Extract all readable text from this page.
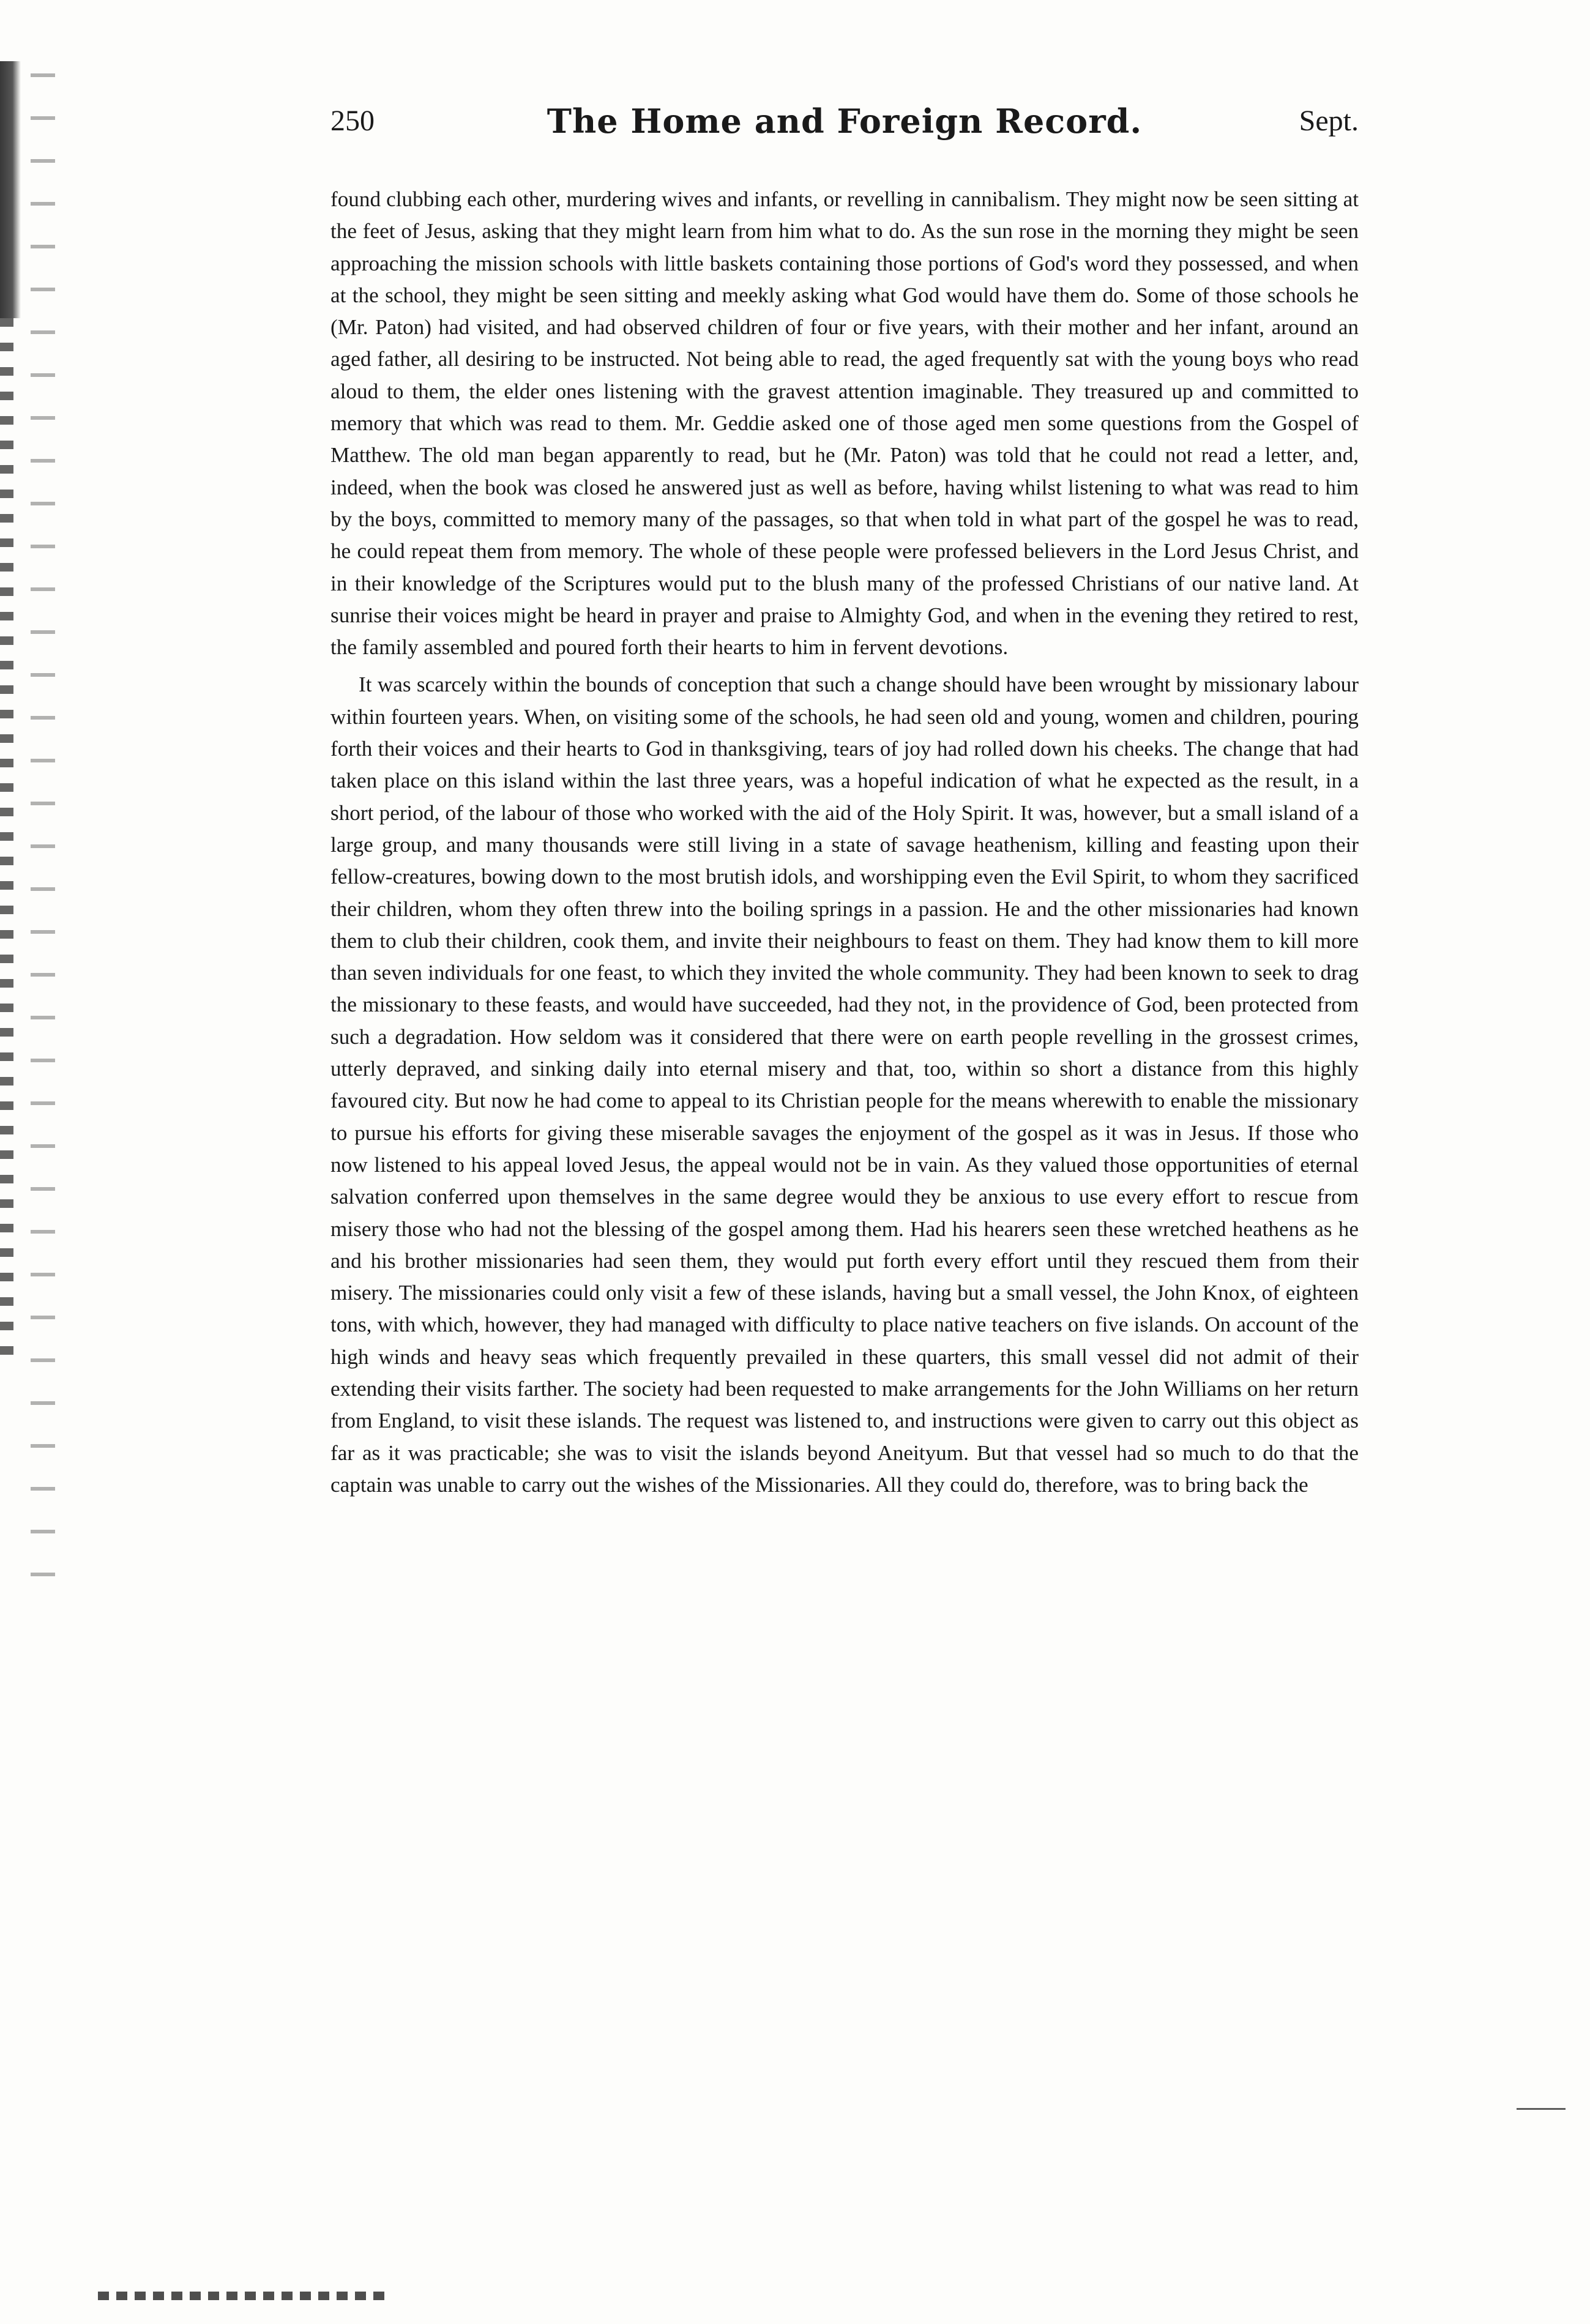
250	The Home and Foreign Record.	Sept.

found clubbing each other, murdering wives and infants, or revelling in cannibalism. They might now be seen sitting at the feet of Jesus, asking that they might learn from him what to do. As the sun rose in the morning they might be seen approaching the mission schools with little baskets containing those portions of God's word they possessed, and when at the school, they might be seen sitting and meekly asking what God would have them do. Some of those schools he (Mr. Paton) had visited, and had observed children of four or five years, with their mother and her infant, around an aged father, all desiring to be instructed. Not being able to read, the aged frequently sat with the young boys who read aloud to them, the elder ones listening with the gravest attention imaginable. They treasured up and committed to memory that which was read to them. Mr. Geddie asked one of those aged men some questions from the Gospel of Matthew. The old man began apparently to read, but he (Mr. Paton) was told that he could not read a letter, and, indeed, when the book was closed he answered just as well as before, having whilst listening to what was read to him by the boys, committed to memory many of the passages, so that when told in what part of the gospel he was to read, he could repeat them from memory. The whole of these people were professed believers in the Lord Jesus Christ, and in their knowledge of the Scriptures would put to the blush many of the professed Christians of our native land. At sunrise their voices might be heard in prayer and praise to Almighty God, and when in the evening they retired to rest, the family assembled and poured forth their hearts to him in fervent devotions.

It was scarcely within the bounds of conception that such a change should have been wrought by missionary labour within fourteen years. When, on visiting some of the schools, he had seen old and young, women and children, pouring forth their voices and their hearts to God in thanksgiving, tears of joy had rolled down his cheeks. The change that had taken place on this island within the last three years, was a hopeful indication of what he expected as the result, in a short period, of the labour of those who worked with the aid of the Holy Spirit. It was, however, but a small island of a large group, and many thousands were still living in a state of savage heathenism, killing and feasting upon their fellow-creatures, bowing down to the most brutish idols, and worshipping even the Evil Spirit, to whom they sacrificed their children, whom they often threw into the boiling springs in a passion. He and the other missionaries had known them to club their children, cook them, and invite their neighbours to feast on them. They had know them to kill more than seven individuals for one feast, to which they invited the whole community. They had been known to seek to drag the missionary to these feasts, and would have succeeded, had they not, in the providence of God, been protected from such a degradation. How seldom was it considered that there were on earth people revelling in the grossest crimes, utterly depraved, and sinking daily into eternal misery and that, too, within so short a distance from this highly favoured city. But now he had come to appeal to its Christian people for the means wherewith to enable the missionary to pursue his efforts for giving these miserable savages the enjoyment of the gospel as it was in Jesus. If those who now listened to his appeal loved Jesus, the appeal would not be in vain. As they valued those opportunities of eternal salvation conferred upon themselves in the same degree would they be anxious to use every effort to rescue from misery those who had not the blessing of the gospel among them. Had his hearers seen these wretched heathens as he and his brother missionaries had seen them, they would put forth every effort until they rescued them from their misery. The missionaries could only visit a few of these islands, having but a small vessel, the John Knox, of eighteen tons, with which, however, they had managed with difficulty to place native teachers on five islands. On account of the high winds and heavy seas which frequently prevailed in these quarters, this small vessel did not admit of their extending their visits farther. The society had been requested to make arrangements for the John Williams on her return from England, to visit these islands. The request was listened to, and instructions were given to carry out this object as far as it was practicable; she was to visit the islands beyond Aneityum. But that vessel had so much to do that the captain was unable to carry out the wishes of the Missionaries. All they could do, therefore, was to bring back the
